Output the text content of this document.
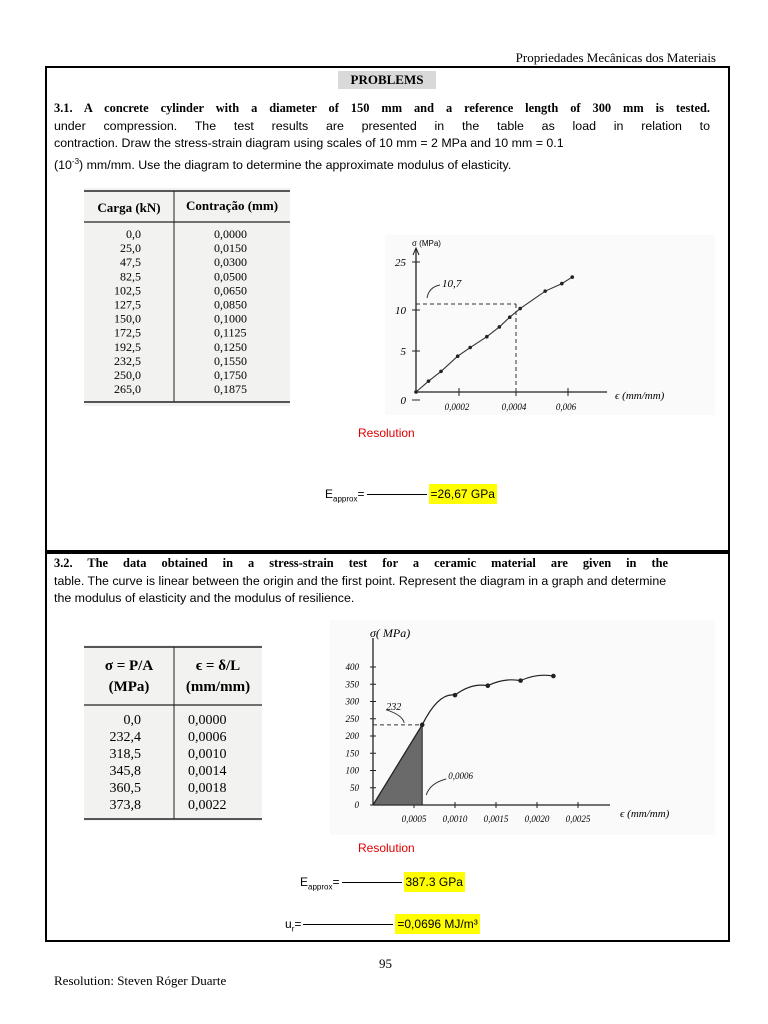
Propriedades Mecânicas dos Materiais
PROBLEMS
3.1. A concrete cylinder with a diameter of 150 mm and a reference length of 300 mm is tested.
under compression. The test results are presented in the table as load in relation to
contraction. Draw the stress-strain diagram using scales of 10 mm = 2 MPa and 10 mm = 0.1
$(10^{-3})$ mm/mm. Use the diagram to determine the approximate modulus of elasticity.
Carga (kN) Contração (mm)
0,0	0,0000
25,0	0,0150
47,5	0,0300
82,5	0,0500
102,5	0,0650
127,5	0,0850
150,0	0,1000
172,5	0,1125
192,5	0,1250
232,5	0,1550
250,0	0,1750
265,0	0,1875
σ (MPa)
25
10
5
0	0,0002	0,0004	0,006
ϵ (mm/mm)
10,7
Resolution
$E_{approx}=$	=26,67 GPa
3.2. The data obtained in a stress-strain test for a ceramic material are given in the
table. The curve is linear between the origin and the first point. Represent the diagram in a graph and determine
the modulus of elasticity and the modulus of resilience.
σ = P/A
(MPa)
ϵ = δ/L
(mm/mm)
0,0	0,0000
232,4	0,0006
318,5	0,0010
345,8	0,0014
360,5	0,0018
373,8	0,0022
σ( MPa)
400
350
300
250
200
150
100
50
0
0,0005 0,0010 0,0015 0,0020 0,0025	ϵ (mm/mm)
232
0,0006
Resolution
$E_{approx}=$	387.3 GPa
$u_r=$	=0,0696 MJ/m³
95
Resolution: Steven Róger Duarte
